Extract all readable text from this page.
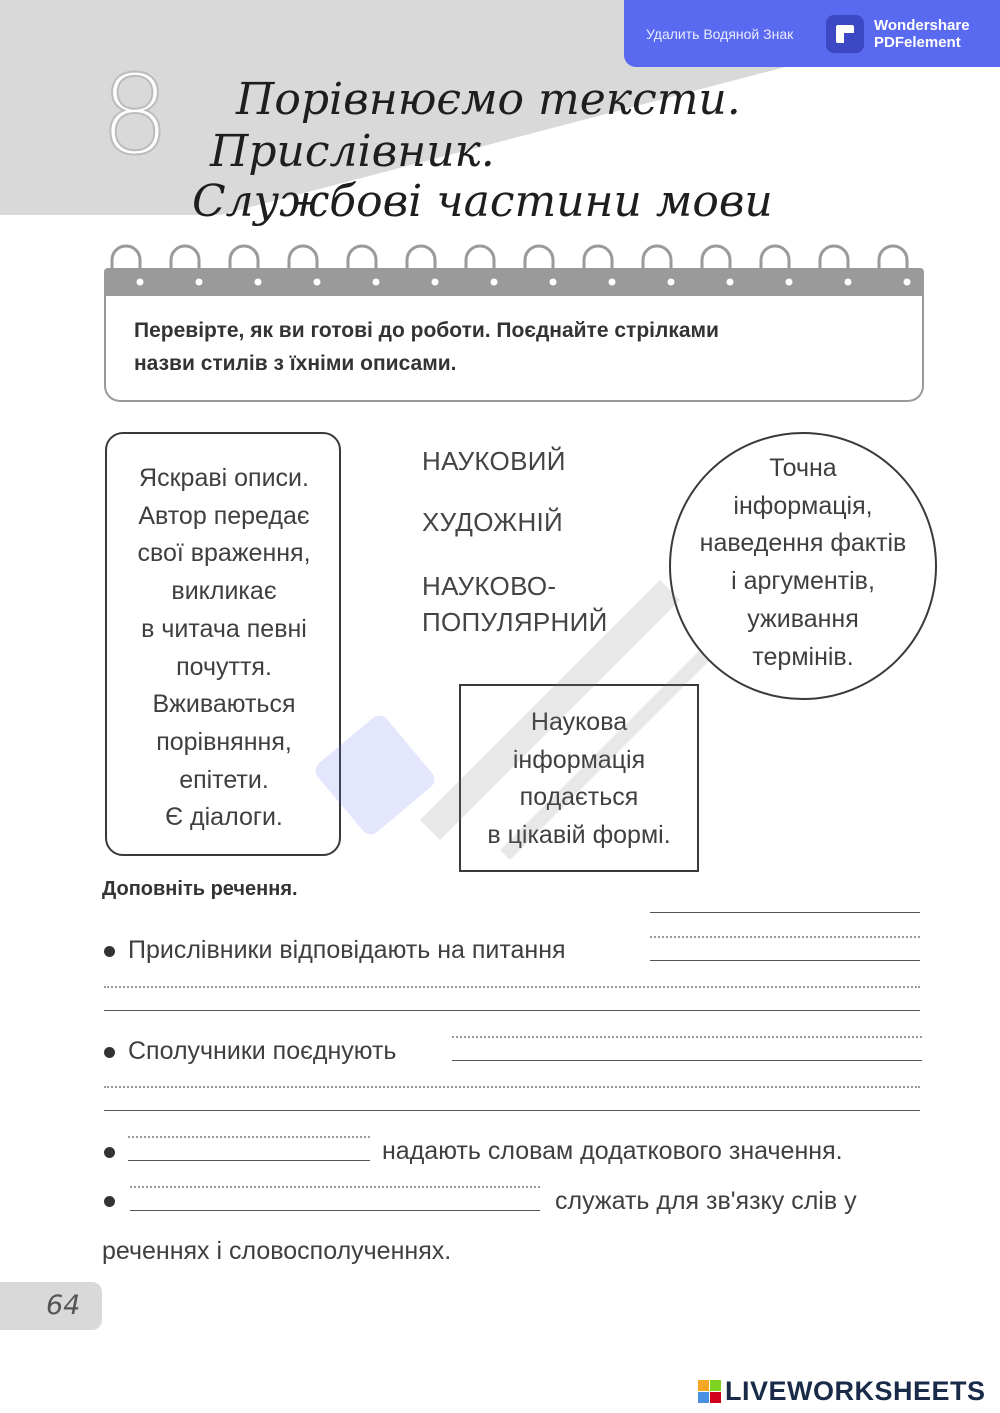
8 Порівнюємо тексти.
Прислівник.
Службові частини мови
Удалить Водяной Знак	Wondershare
PDFelement
Перевірте, як ви готові до роботи. Поєднайте стрілками
назви стилів з їхніми описами.
Яскраві описи.
Автор передає
свої враження,
викликає
в читача певні
почуття.
Вживаються
порівняння,
епітети.
Є діалоги.
НАУКОВИЙ
ХУДОЖНІЙ
НАУКОВО-
ПОПУЛЯРНИЙ
Точна
інформація,
наведення фактів
і аргументів,
уживання
термінів.
Наукова
інформація
подається
в цікавій формі.
Доповніть речення.
Прислівники відповідають на питання
Сполучники поєднують
надають словам додаткового значення.
служать для зв'язку слів у
реченнях і словосполученнях.
64
LIVEWORKSHEETS
